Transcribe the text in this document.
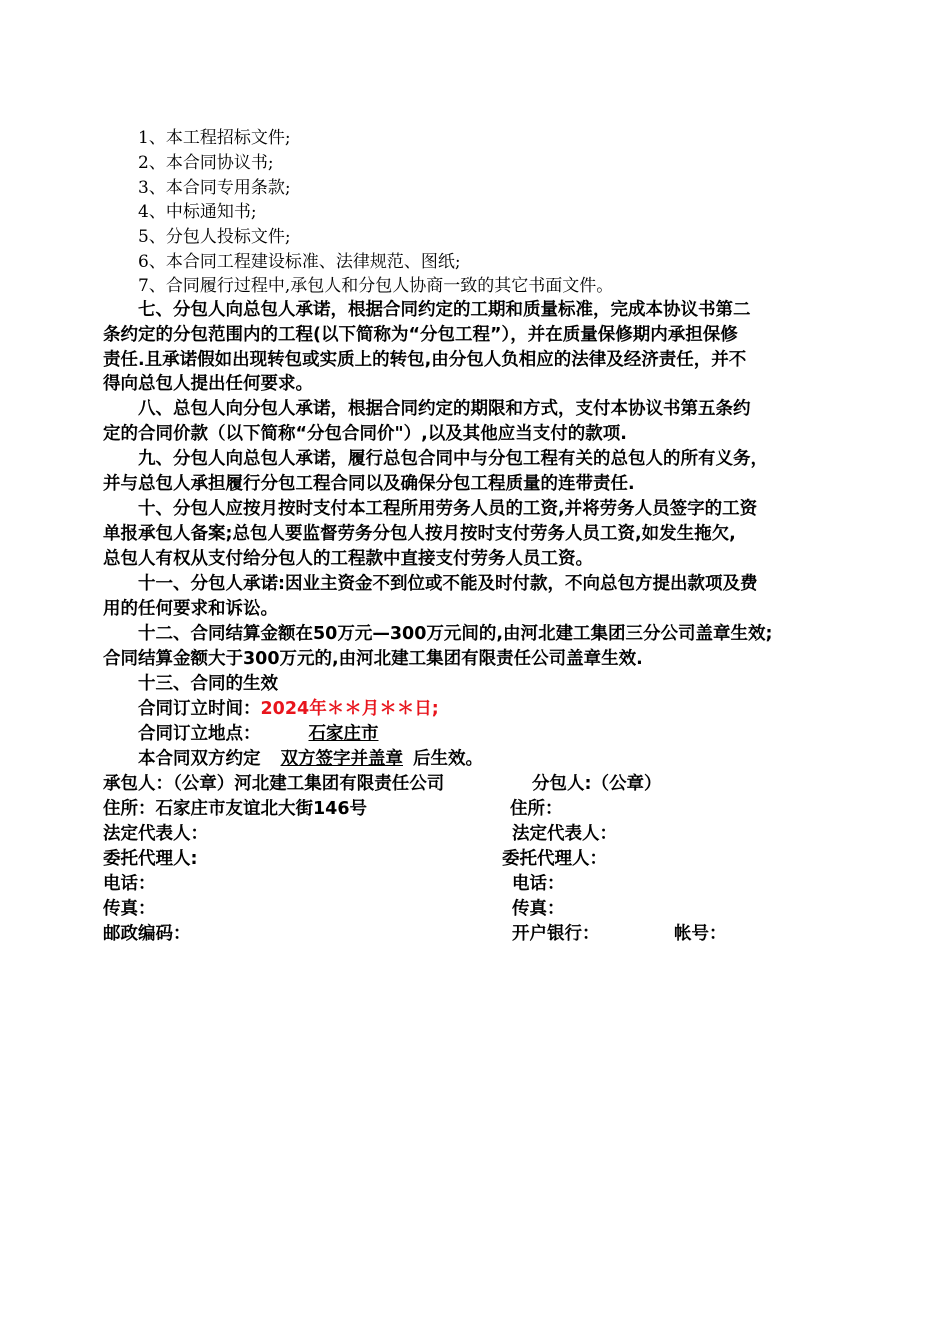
1、本工程招标文件;
2、本合同协议书;
3、本合同专用条款;
4、中标通知书;
5、分包人投标文件;
6、本合同工程建设标准、法律规范、图纸;
7、合同履行过程中,承包人和分包人协商一致的其它书面文件。
　　七、分包人向总包人承诺，根据合同约定的工期和质量标准，完成本协议书第二
条约定的分包范围内的工程(以下简称为“分包工程”），并在质量保修期内承担保修
责任.且承诺假如出现转包或实质上的转包,由分包人负相应的法律及经济责任，并不
得向总包人提出任何要求。
　　八、总包人向分包人承诺，根据合同约定的期限和方式，支付本协议书第五条约
定的合同价款（以下简称“分包合同价"）,以及其他应当支付的款项.
　　九、分包人向总包人承诺，履行总包合同中与分包工程有关的总包人的所有义务，
并与总包人承担履行分包工程合同以及确保分包工程质量的连带责任.
　　十、分包人应按月按时支付本工程所用劳务人员的工资,并将劳务人员签字的工资
单报承包人备案;总包人要监督劳务分包人按月按时支付劳务人员工资,如发生拖欠,
总包人有权从支付给分包人的工程款中直接支付劳务人员工资。
　　十一、分包人承诺:因业主资金不到位或不能及时付款，不向总包方提出款项及费
用的任何要求和诉讼。
　　十二、合同结算金额在50万元—300万元间的,由河北建工集团三分公司盖章生效;
合同结算金额大于300万元的,由河北建工集团有限责任公司盖章生效.
　　十三、合同的生效
合同订立时间：2024年＊＊月＊＊日;
合同订立地点：	石家庄市
本合同双方约定 双方签字并盖章 后生效。
承包人：（公章）河北建工集团有限责任公司	分包人:（公章）
住所：石家庄市友谊北大街146号	住所：
法定代表人：	法定代表人：
委托代理人:	委托代理人：
电话：	电话：
传真：	传真：
邮政编码：	开户银行：	帐号：
